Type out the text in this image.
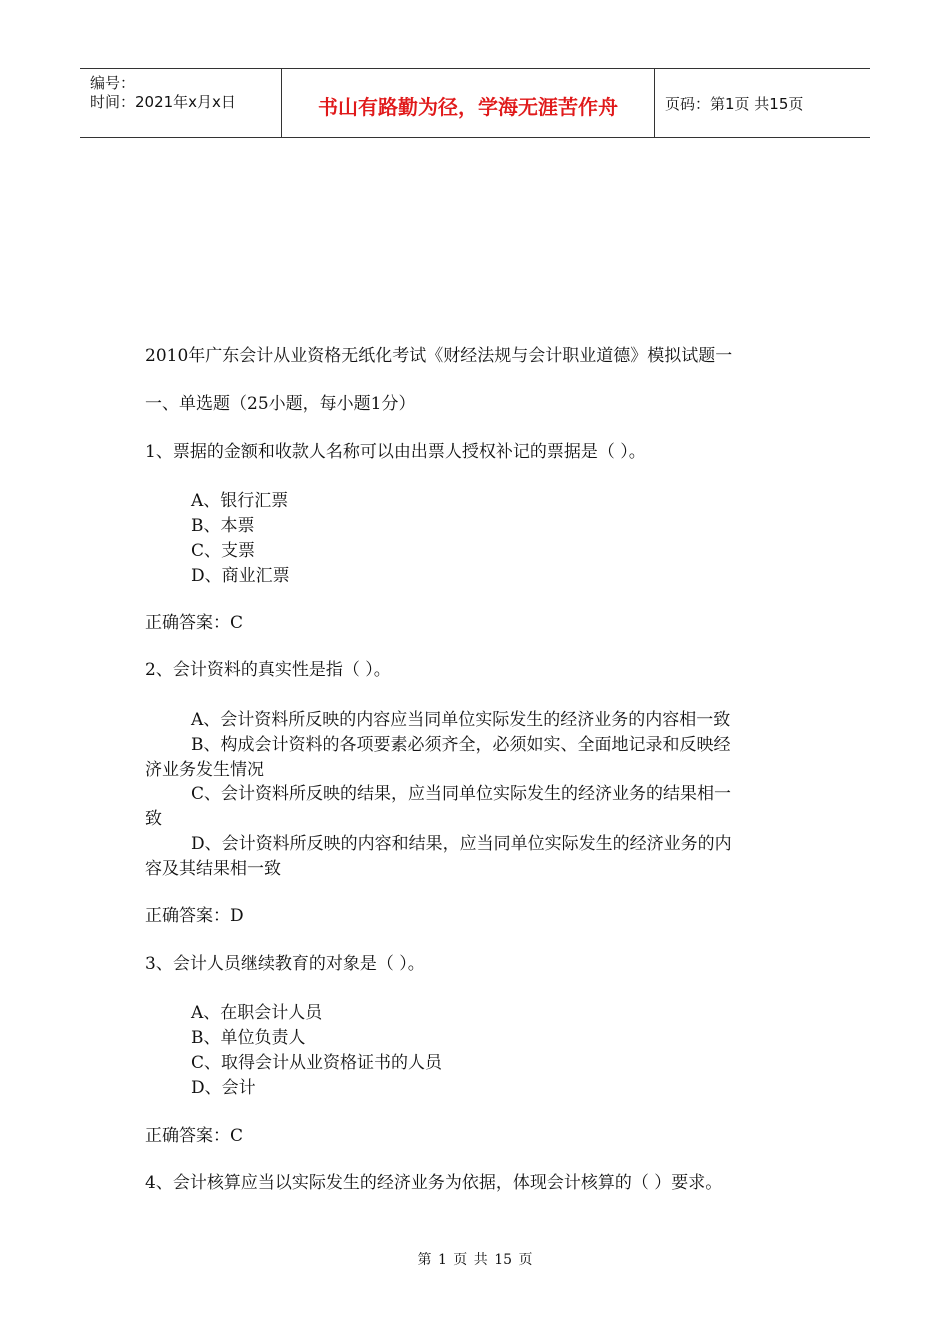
编号：
时间：2021年x月x日	书山有路勤为径，学海无涯苦作舟	页码：第1页 共15页
2010年广东会计从业资格无纸化考试《财经法规与会计职业道德》模拟试题一
一、单选题（25小题，每小题1分）
1、票据的金额和收款人名称可以由出票人授权补记的票据是（ ）。
A、银行汇票
B、本票
C、支票
D、商业汇票
正确答案：C
2、会计资料的真实性是指（ ）。
A、会计资料所反映的内容应当同单位实际发生的经济业务的内容相一致
B、构成会计资料的各项要素必须齐全，必须如实、全面地记录和反映经
济业务发生情况
C、会计资料所反映的结果，应当同单位实际发生的经济业务的结果相一
致
D、会计资料所反映的内容和结果，应当同单位实际发生的经济业务的内
容及其结果相一致
正确答案：D
3、会计人员继续教育的对象是（ ）。
A、在职会计人员
B、单位负责人
C、取得会计从业资格证书的人员
D、会计
正确答案：C
4、会计核算应当以实际发生的经济业务为依据，体现会计核算的（ ）要求。
第 1 页 共 15 页
